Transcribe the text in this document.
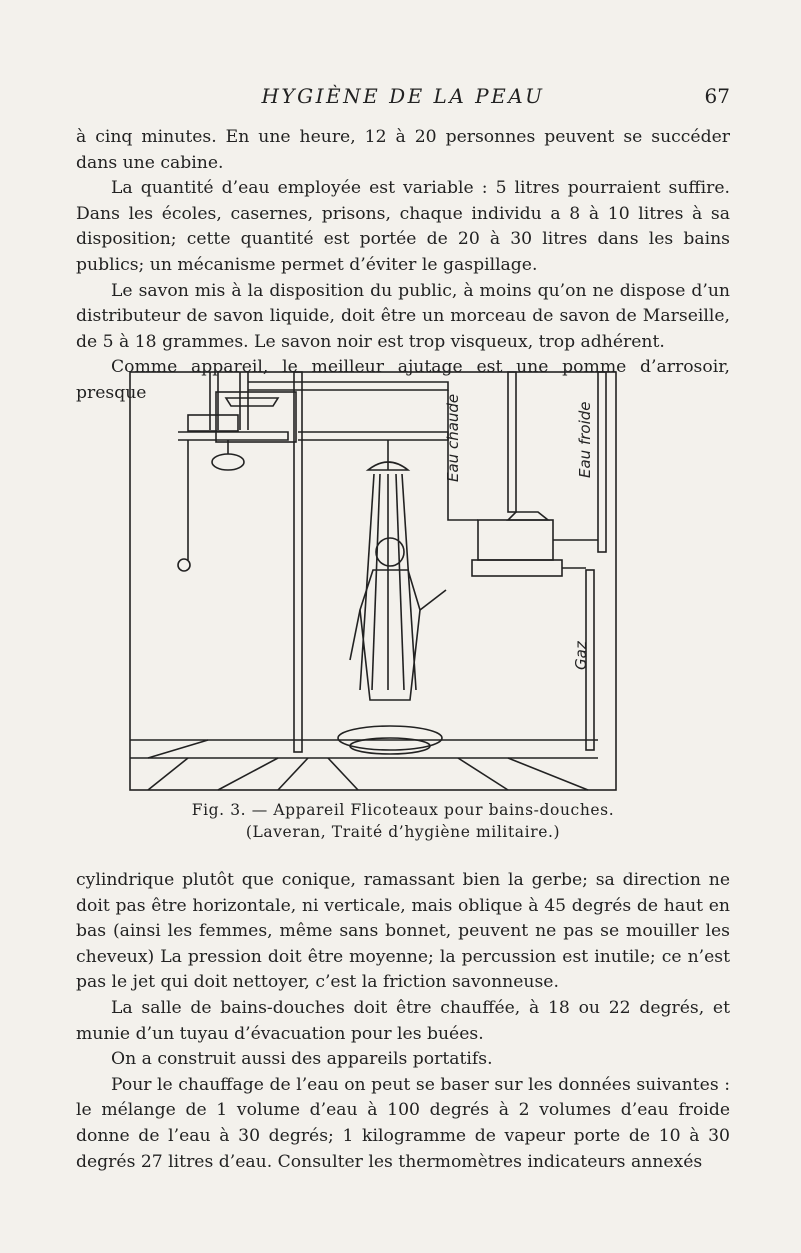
HYGIÈNE DE LA PEAU	67

à cinq minutes. En une heure, 12 à 20 personnes peuvent se succéder dans une cabine.

La quantité d’eau employée est variable : 5 litres pourraient suffire. Dans les écoles, casernes, prisons, chaque individu a 8 à 10 litres à sa disposition; cette quantité est portée de 20 à 30 litres dans les bains publics; un mécanisme permet d’éviter le gaspillage.

Le savon mis à la disposition du public, à moins qu’on ne dispose d’un distributeur de savon liquide, doit être un morceau de savon de Marseille, de 5 à 18 grammes. Le savon noir est trop visqueux, trop adhérent.

Comme appareil, le meilleur ajutage est une pomme d’arrosoir, presque

Eau chaude	Eau froide
Gaz
Fig. 3. — Appareil Flicoteaux pour bains-douches.
(Laveran, Traité d’hygiène militaire.)

cylindrique plutôt que conique, ramassant bien la gerbe; sa direction ne doit pas être horizontale, ni verticale, mais oblique à 45 degrés de haut en bas (ainsi les femmes, même sans bonnet, peuvent ne pas se mouiller les cheveux) La pression doit être moyenne; la percussion est inutile; ce n’est pas le jet qui doit nettoyer, c’est la friction savonneuse.

La salle de bains-douches doit être chauffée, à 18 ou 22 degrés, et munie d’un tuyau d’évacuation pour les buées.

On a construit aussi des appareils portatifs.

Pour le chauffage de l’eau on peut se baser sur les données suivantes : le mélange de 1 volume d’eau à 100 degrés à 2 volumes d’eau froide donne de l’eau à 30 degrés; 1 kilogramme de vapeur porte de 10 à 30 degrés 27 litres d’eau. Consulter les thermomètres indicateurs annexés
